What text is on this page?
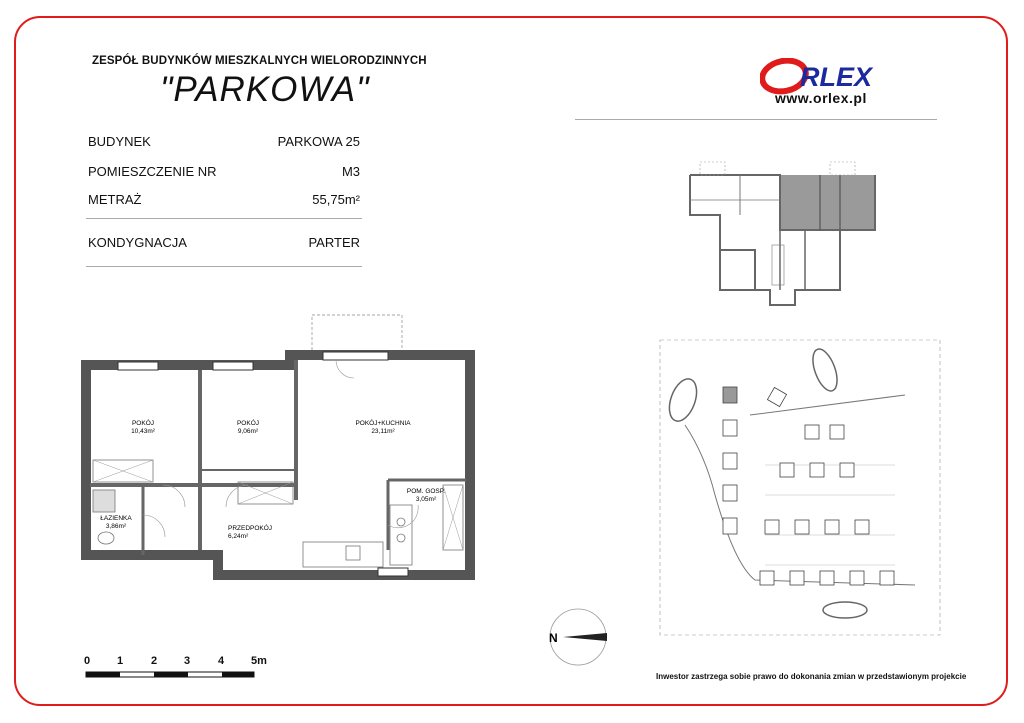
ZESPÓŁ BUDYNKÓW MIESZKALNYCH WIELORODZINNYCH
"PARKOWA"	RLEX
www.orlex.pl
BUDYNEK	PARKOWA 25
POMIESZCZENIE NR	M3
METRAŻ	55,75m²
KONDYGNACJA	PARTER
POKÓJ
10,43m²
POKÓJ
9,06m²
POKÓJ+KUCHNIA
23,11m²
POM. GOSP.
3,05m²
ŁAZIENKA
3,86m²	PRZEDPOKÓJ
6,24m²
N
0 1	2 3	4 5m
Inwestor zastrzega sobie prawo do dokonania zmian w przedstawionym projekcie
